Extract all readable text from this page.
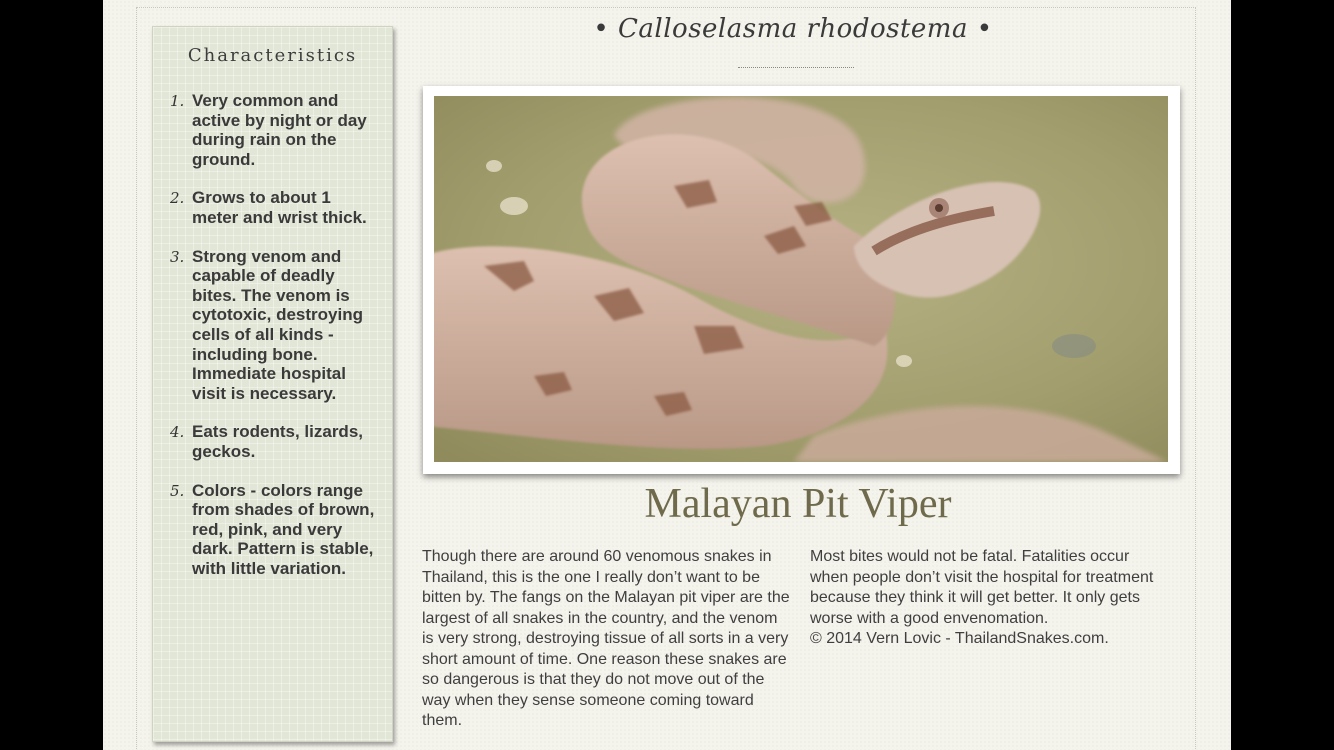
Characteristics
1. Very common and active by night or day during rain on the ground.
2. Grows to about 1 meter and wrist thick.
3. Strong venom and capable of deadly bites. The venom is cytotoxic, destroying cells of all kinds - including bone. Immediate hospital visit is necessary.
4. Eats rodents, lizards, geckos.
5. Colors - colors range from shades of brown, red, pink, and very dark. Pattern is stable, with little variation.
• Calloselasma rhodostema •
Malayan Pit Viper

Though there are around 60 venomous snakes in Thailand, this is the one I really don’t want to be bitten by. The fangs on the Malayan pit viper are the largest of all snakes in the country, and the venom is very strong, destroying tissue of all sorts in a very short amount of time. One reason these snakes are so dangerous is that they do not move out of the way when they sense someone coming toward them.

Most bites would not be fatal. Fatalities occur when people don’t visit the hospital for treatment because they think it will get better. It only gets worse with a good envenomation.

© 2014 Vern Lovic - ThailandSnakes.com.
